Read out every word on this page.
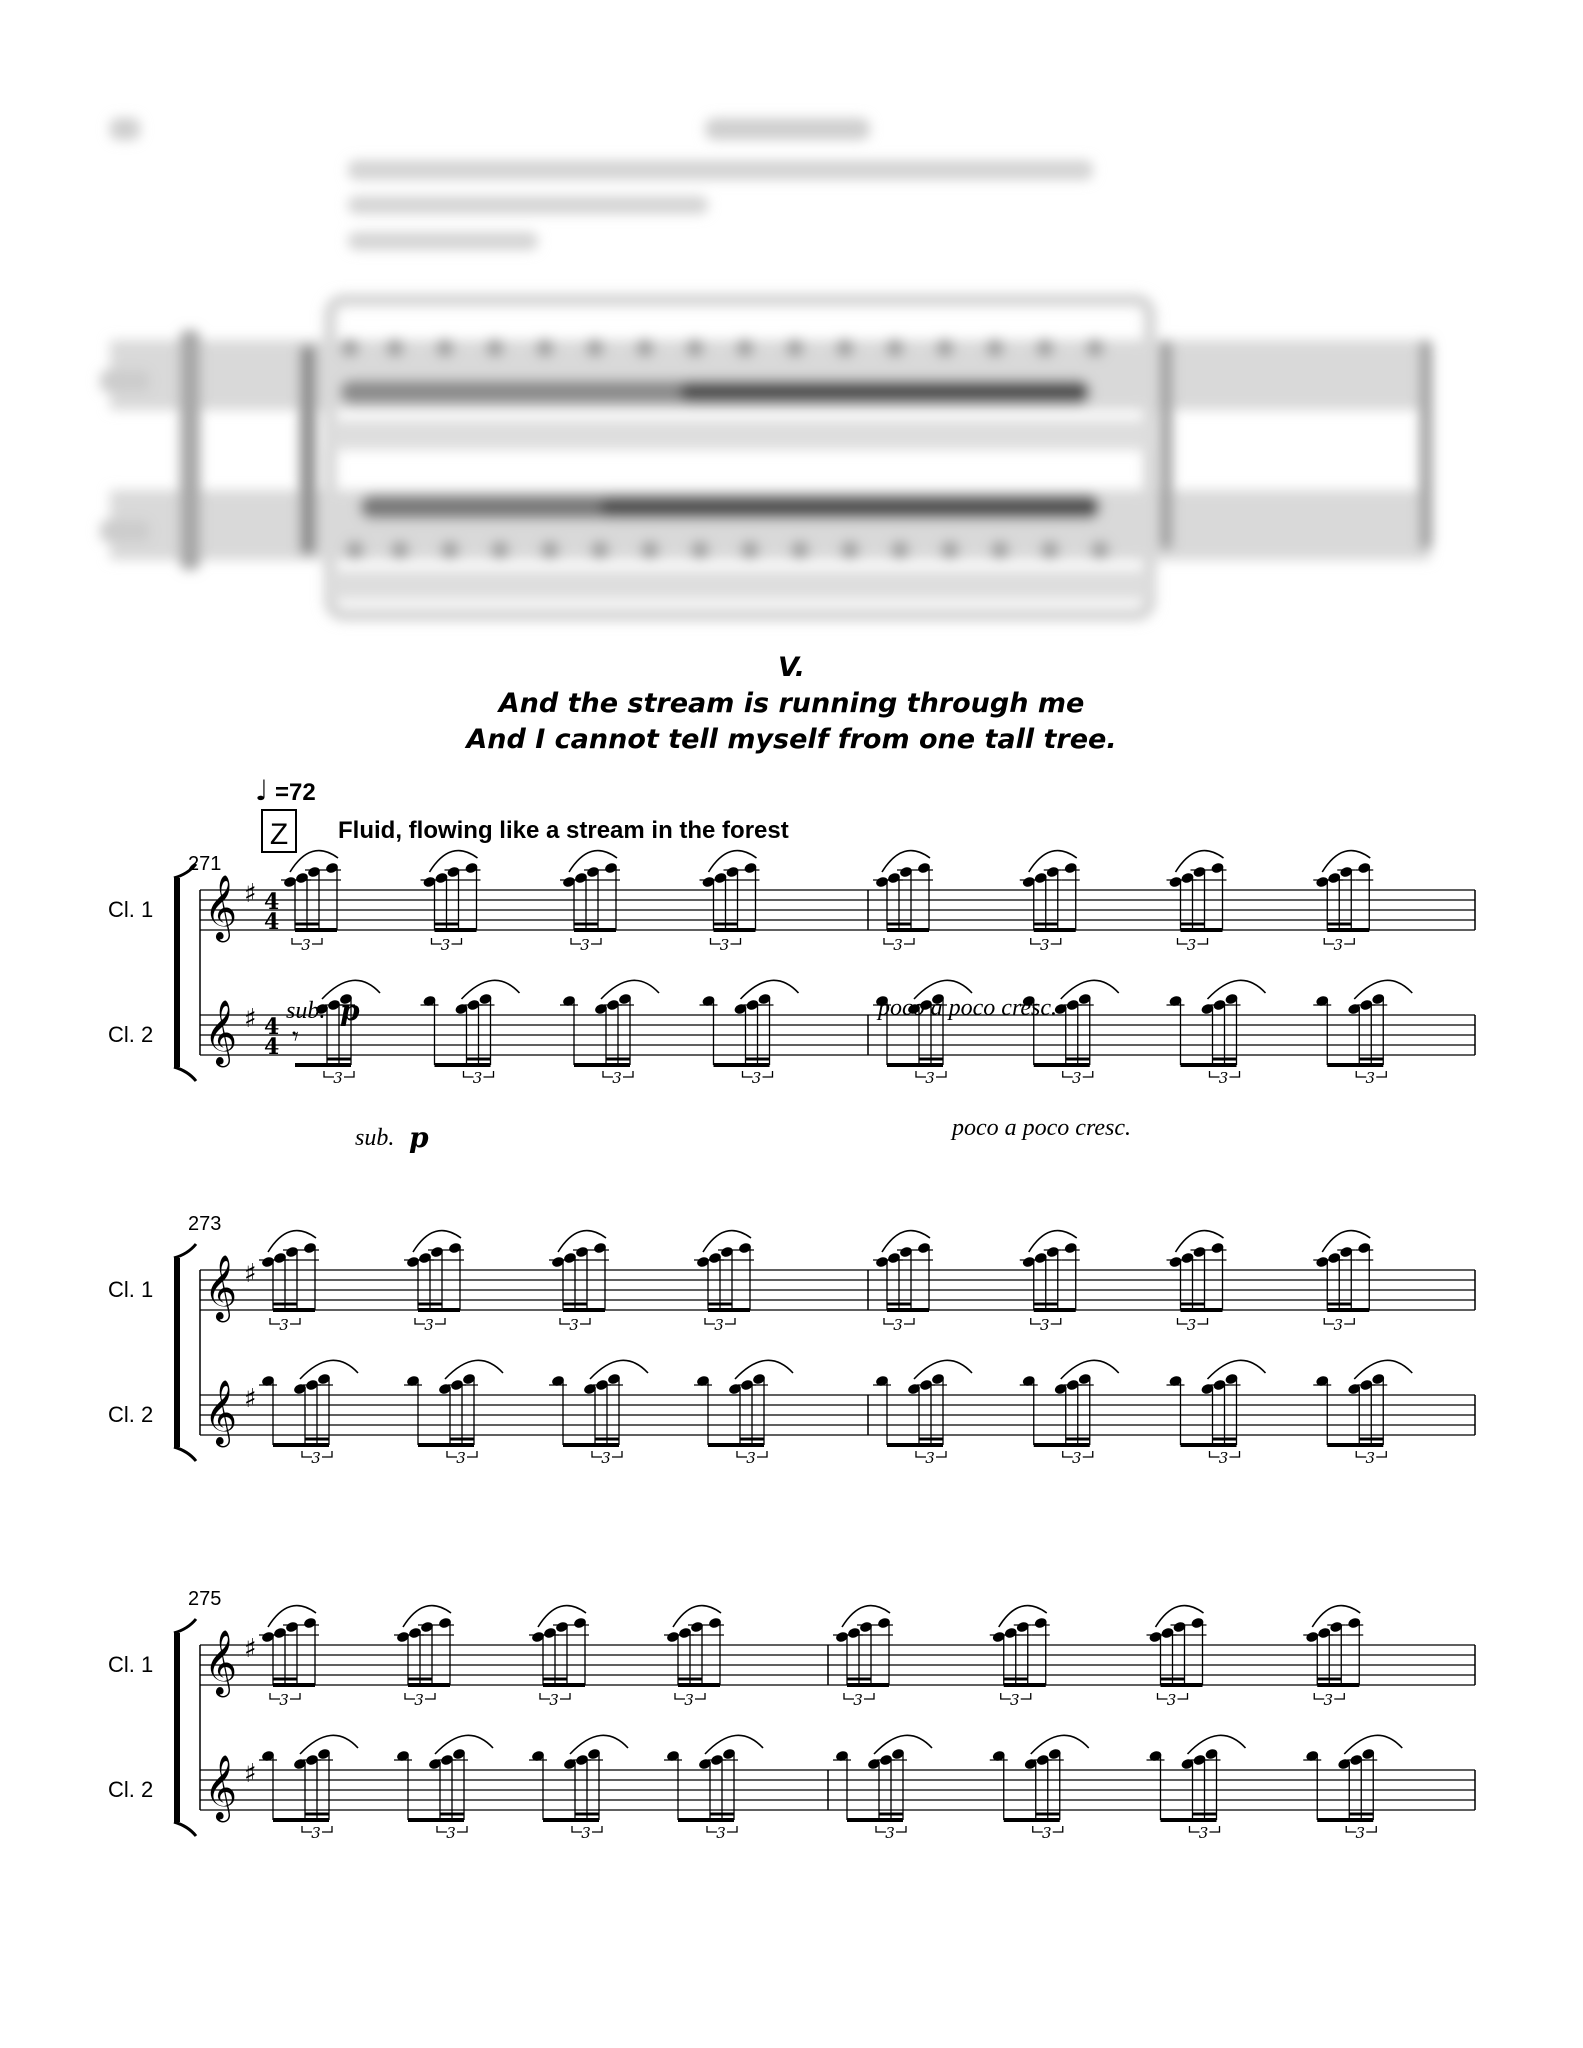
V.
And the stream is running through me
And I cannot tell myself from one tall tree.
♩ =72
Z Fluid, flowing like a stream in the forest
271
Cl. 1 𝄞 ♯ 4
4
Cl. 2 𝄞 ♯ 4
4
3
𝄾
3
3
3
3
3
3
3
3
3
3
3
3
3
3
3
sub. p	poco a poco cresc.
sub. p	poco a poco cresc.
273
Cl. 1 𝄞 ♯
Cl. 2 𝄞 ♯
3
3
3
3
3
3
3
3
3
3
3
3
3
3
3
3
275
Cl. 1 𝄞 ♯
Cl. 2 𝄞 ♯
3
3
3
3
3
3
3
3
3
3
3
3
3
3
3
3
